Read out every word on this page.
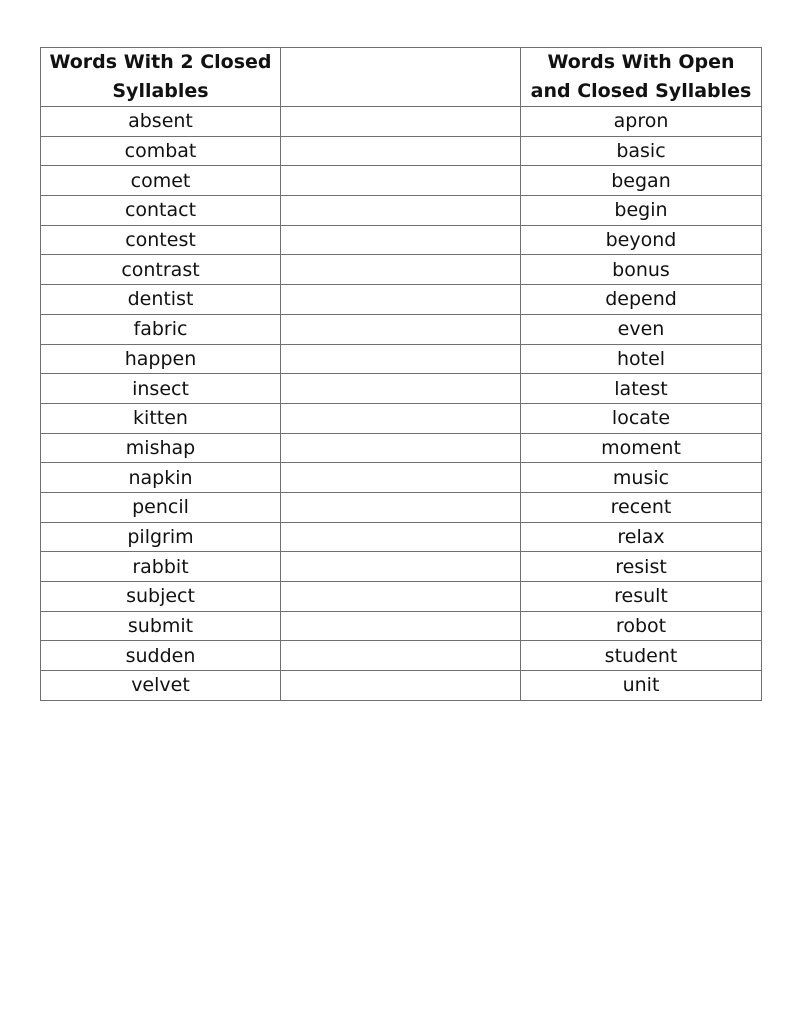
Words With 2 Closed
Syllables		Words With Open
and Closed Syllables
absent		apron
combat		basic
comet		began
contact		begin
contest		beyond
contrast		bonus
dentist		depend
fabric		even
happen		hotel
insect		latest
kitten		locate
mishap		moment
napkin		music
pencil		recent
pilgrim		relax
rabbit		resist
subject		result
submit		robot
sudden		student
velvet		unit
